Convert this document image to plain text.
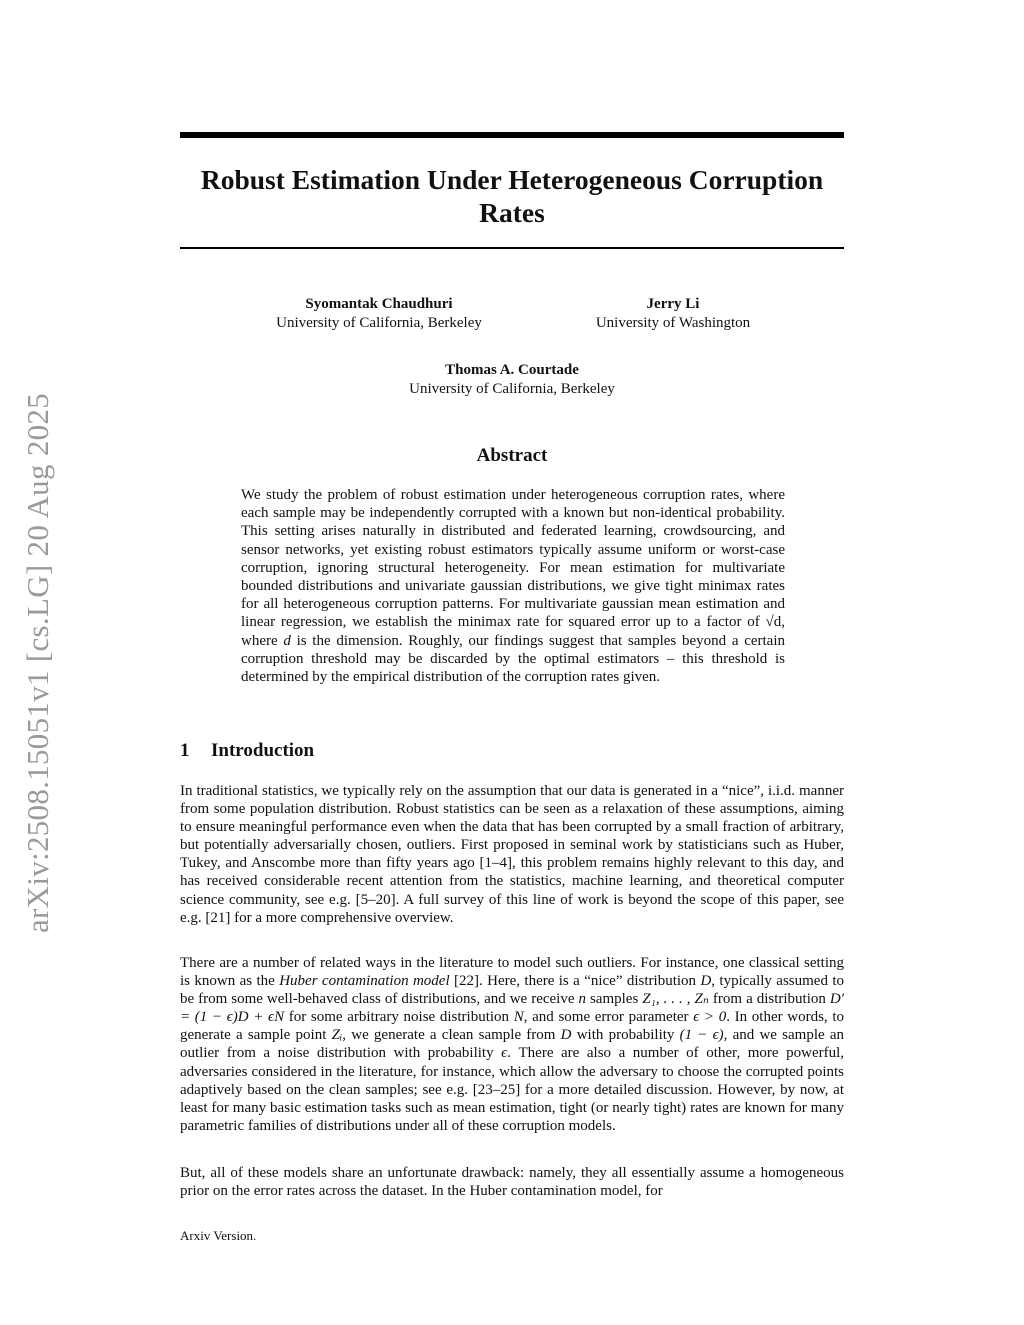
arXiv:2508.15051v1 [cs.LG] 20 Aug 2025
Robust Estimation Under Heterogeneous Corruption Rates
Syomantak Chaudhuri
University of California, Berkeley
Jerry Li
University of Washington
Thomas A. Courtade
University of California, Berkeley
Abstract
We study the problem of robust estimation under heterogeneous corruption rates, where each sample may be independently corrupted with a known but non-identical probability. This setting arises naturally in distributed and federated learning, crowdsourcing, and sensor networks, yet existing robust estimators typically assume uniform or worst-case corruption, ignoring structural heterogeneity. For mean estimation for multivariate bounded distributions and univariate gaussian distributions, we give tight minimax rates for all heterogeneous corruption patterns. For multivariate gaussian mean estimation and linear regression, we establish the minimax rate for squared error up to a factor of √d, where d is the dimension. Roughly, our findings suggest that samples beyond a certain corruption threshold may be discarded by the optimal estimators – this threshold is determined by the empirical distribution of the corruption rates given.
1 Introduction
In traditional statistics, we typically rely on the assumption that our data is generated in a “nice”, i.i.d. manner from some population distribution. Robust statistics can be seen as a relaxation of these assumptions, aiming to ensure meaningful performance even when the data that has been corrupted by a small fraction of arbitrary, but potentially adversarially chosen, outliers. First proposed in seminal work by statisticians such as Huber, Tukey, and Anscombe more than fifty years ago [1–4], this problem remains highly relevant to this day, and has received considerable recent attention from the statistics, machine learning, and theoretical computer science community, see e.g. [5–20]. A full survey of this line of work is beyond the scope of this paper, see e.g. [21] for a more comprehensive overview.
There are a number of related ways in the literature to model such outliers. For instance, one classical setting is known as the Huber contamination model [22]. Here, there is a “nice” distribution D, typically assumed to be from some well-behaved class of distributions, and we receive n samples Z₁, . . . , Zₙ from a distribution D′ = (1 − ϵ)D + ϵN for some arbitrary noise distribution N, and some error parameter ϵ > 0. In other words, to generate a sample point Zᵢ, we generate a clean sample from D with probability (1 − ϵ), and we sample an outlier from a noise distribution with probability ϵ. There are also a number of other, more powerful, adversaries considered in the literature, for instance, which allow the adversary to choose the corrupted points adaptively based on the clean samples; see e.g. [23–25] for a more detailed discussion. However, by now, at least for many basic estimation tasks such as mean estimation, tight (or nearly tight) rates are known for many parametric families of distributions under all of these corruption models.
But, all of these models share an unfortunate drawback: namely, they all essentially assume a homogeneous prior on the error rates across the dataset. In the Huber contamination model, for
Arxiv Version.
